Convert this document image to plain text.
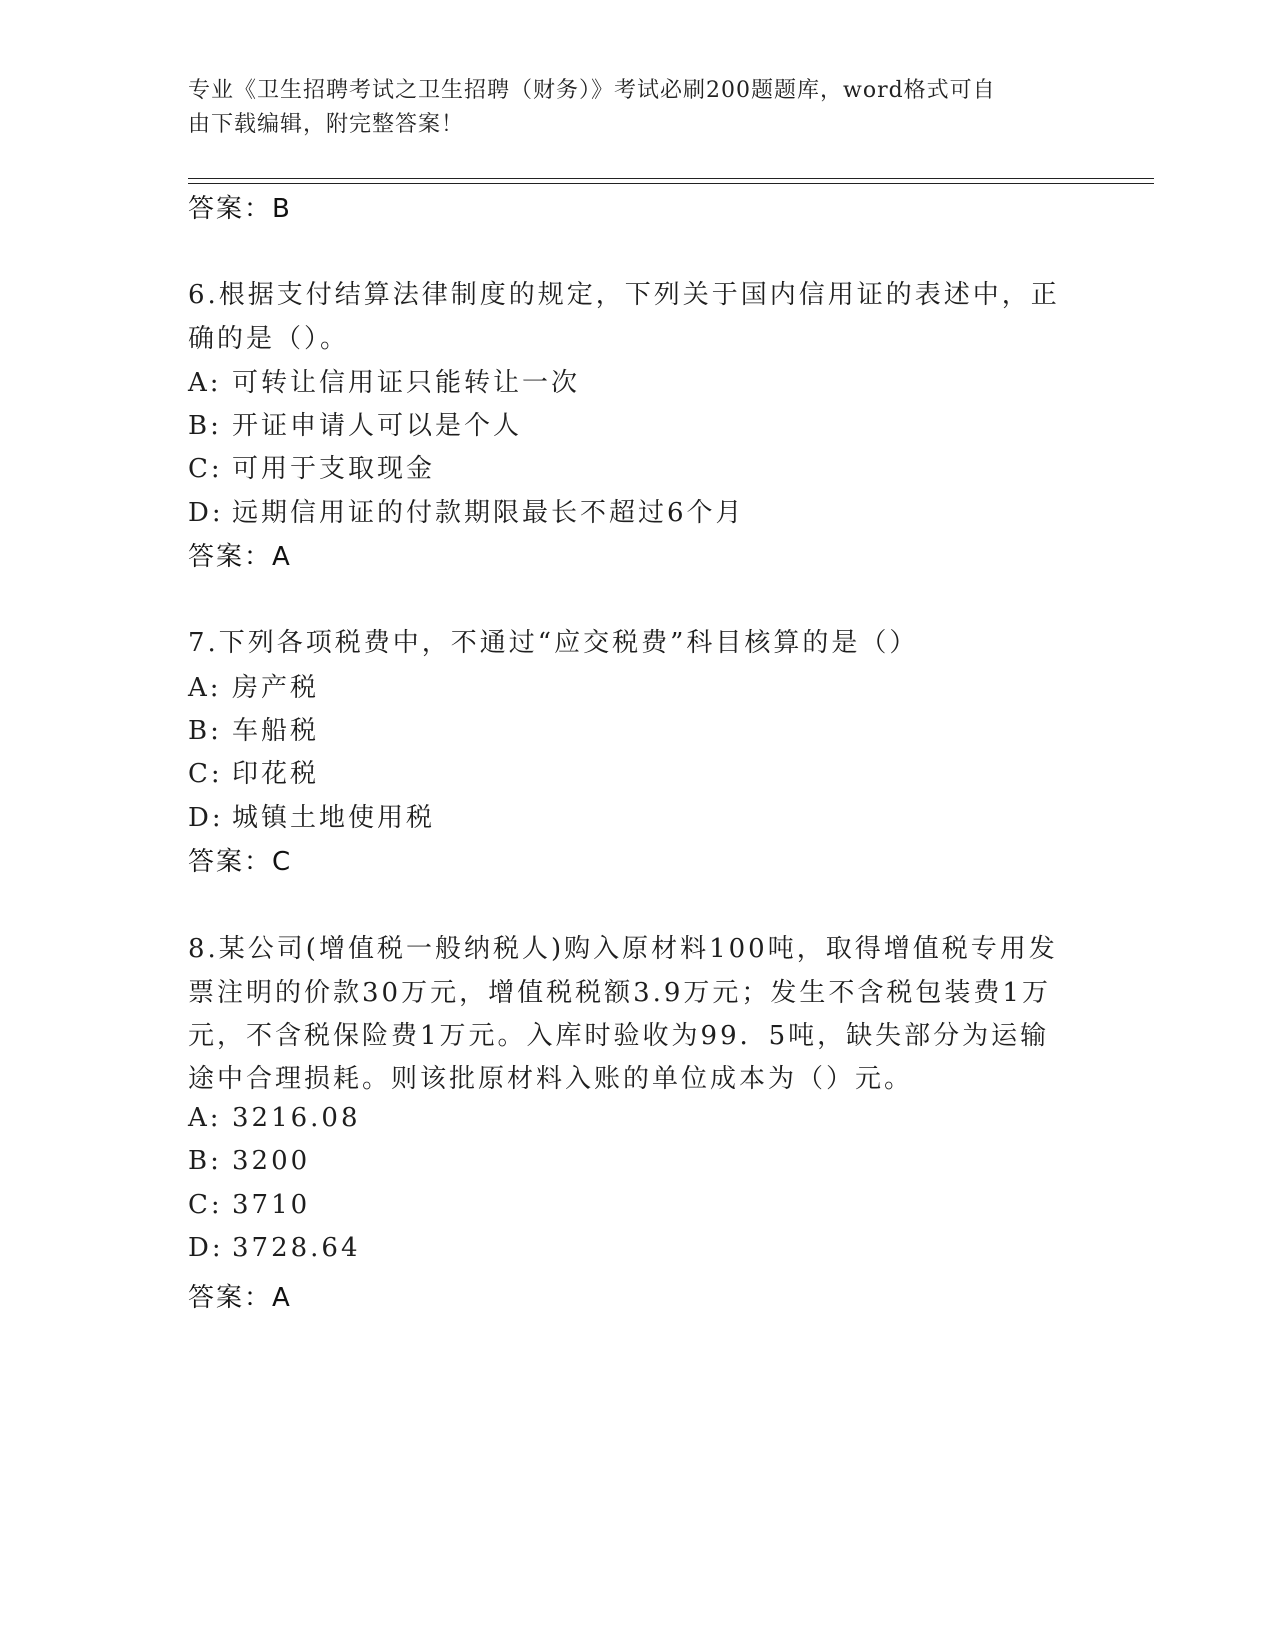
专业《卫生招聘考试之卫生招聘（财务）》考试必刷200题题库，word格式可自
由下载编辑，附完整答案！
答案：B
6.根据支付结算法律制度的规定，下列关于国内信用证的表述中，正
确的是（）。
A: 可转让信用证只能转让一次
B: 开证申请人可以是个人
C: 可用于支取现金
D: 远期信用证的付款期限最长不超过6个月
答案：A
7.下列各项税费中，不通过“应交税费”科目核算的是（）
A: 房产税
B: 车船税
C: 印花税
D: 城镇土地使用税
答案：C
8.某公司(增值税一般纳税人)购入原材料100吨，取得增值税专用发
票注明的价款30万元，增值税税额3.9万元；发生不含税包装费1万
元，不含税保险费1万元。入库时验收为99．5吨，缺失部分为运输
途中合理损耗。则该批原材料入账的单位成本为（）元。
A: 3216.08
B: 3200
C: 3710
D: 3728.64
答案：A
